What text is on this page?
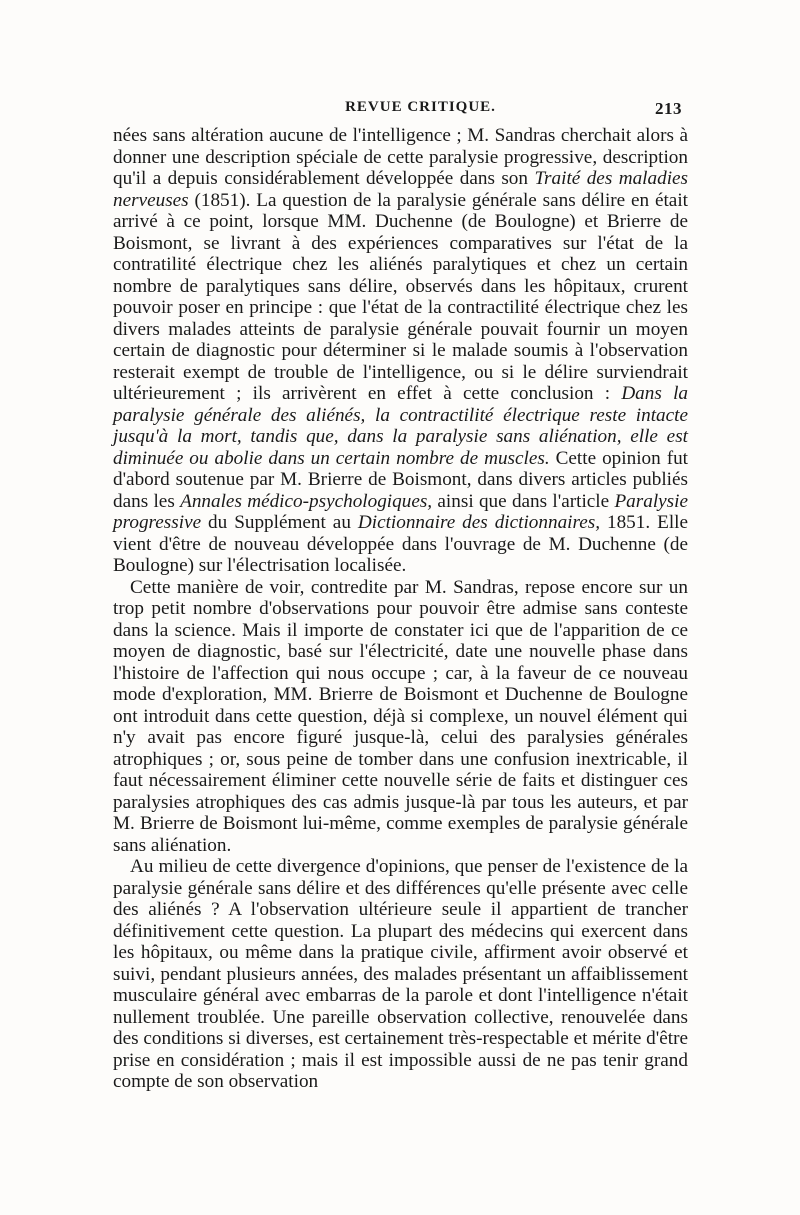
REVUE CRITIQUE.	213

nées sans altération aucune de l'intelligence ; M. Sandras cherchait alors à donner une description spéciale de cette paralysie progressive, description qu'il a depuis considérablement développée dans son Traité des maladies nerveuses (1851). La question de la paralysie générale sans délire en était arrivé à ce point, lorsque MM. Duchenne (de Boulogne) et Brierre de Boismont, se livrant à des expériences comparatives sur l'état de la contratilité électrique chez les aliénés paralytiques et chez un certain nombre de paralytiques sans délire, observés dans les hôpitaux, crurent pouvoir poser en principe : que l'état de la contractilité électrique chez les divers malades atteints de paralysie générale pouvait fournir un moyen certain de diagnostic pour déterminer si le malade soumis à l'observation resterait exempt de trouble de l'intelligence, ou si le délire surviendrait ultérieurement ; ils arrivèrent en effet à cette conclusion : Dans la paralysie générale des aliénés, la contractilité électrique reste intacte jusqu'à la mort, tandis que, dans la paralysie sans aliénation, elle est diminuée ou abolie dans un certain nombre de muscles. Cette opinion fut d'abord soutenue par M. Brierre de Boismont, dans divers articles publiés dans les Annales médico-psychologiques, ainsi que dans l'article Paralysie progressive du Supplément au Dictionnaire des dictionnaires, 1851. Elle vient d'être de nouveau développée dans l'ouvrage de M. Duchenne (de Boulogne) sur l'électrisation localisée.

Cette manière de voir, contredite par M. Sandras, repose encore sur un trop petit nombre d'observations pour pouvoir être admise sans conteste dans la science. Mais il importe de constater ici que de l'apparition de ce moyen de diagnostic, basé sur l'électricité, date une nouvelle phase dans l'histoire de l'affection qui nous occupe ; car, à la faveur de ce nouveau mode d'exploration, MM. Brierre de Boismont et Duchenne de Boulogne ont introduit dans cette question, déjà si complexe, un nouvel élément qui n'y avait pas encore figuré jusque-là, celui des paralysies générales atrophiques ; or, sous peine de tomber dans une confusion inextricable, il faut nécessairement éliminer cette nouvelle série de faits et distinguer ces paralysies atrophiques des cas admis jusque-là par tous les auteurs, et par M. Brierre de Boismont lui-même, comme exemples de paralysie générale sans aliénation.

Au milieu de cette divergence d'opinions, que penser de l'existence de la paralysie générale sans délire et des différences qu'elle présente avec celle des aliénés ? A l'observation ultérieure seule il appartient de trancher définitivement cette question. La plupart des médecins qui exercent dans les hôpitaux, ou même dans la pratique civile, affirment avoir observé et suivi, pendant plusieurs années, des malades présentant un affaiblissement musculaire général avec embarras de la parole et dont l'intelligence n'était nullement troublée. Une pareille observation collective, renouvelée dans des conditions si diverses, est certainement très-respectable et mérite d'être prise en considération ; mais il est impossible aussi de ne pas tenir grand compte de son observation
